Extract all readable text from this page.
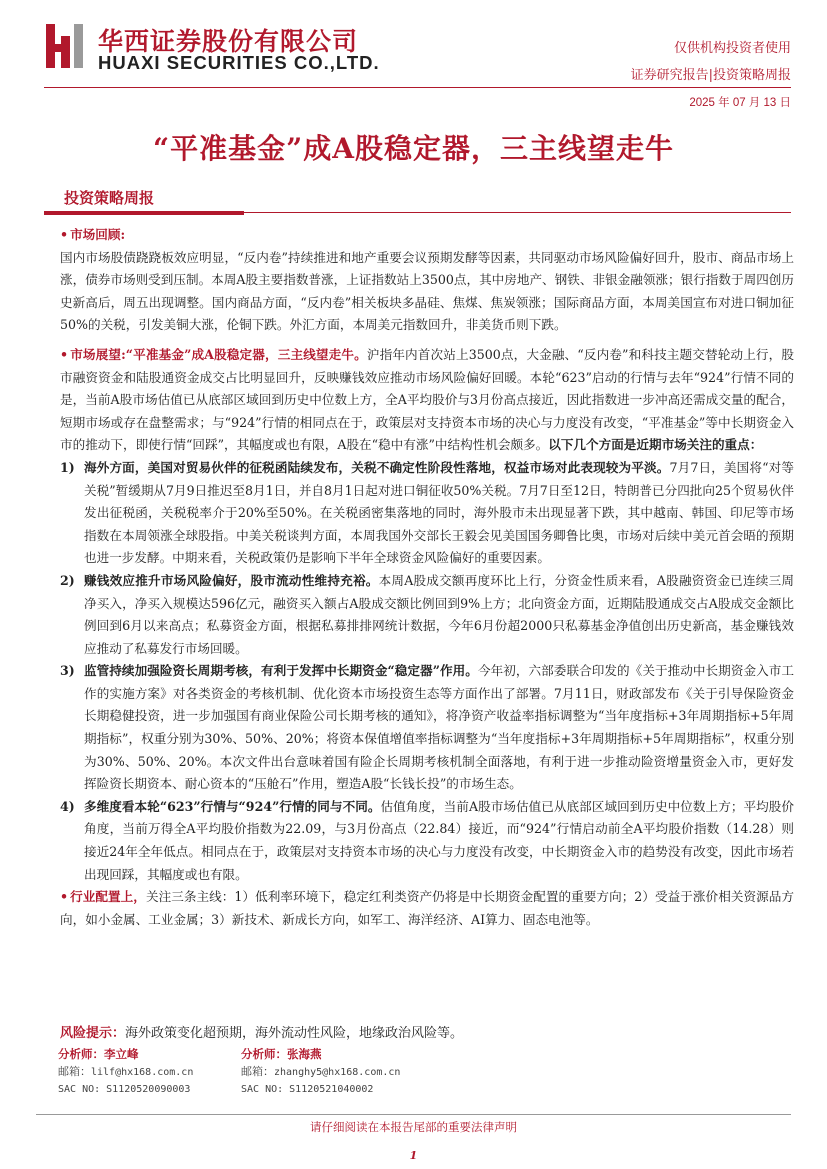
华西证券股份有限公司
HUAXI SECURITIES CO.,LTD.
仅供机构投资者使用
证券研究报告|投资策略周报
2025 年 07 月 13 日
“平准基金”成A股稳定器，三主线望走牛
投资策略周报

• 市场回顾:

国内市场股债跷跷板效应明显，“反内卷”持续推进和地产重要会议预期发酵等因素，共同驱动市场风险偏好回升，股市、商品市场上涨，债券市场则受到压制。本周A股主要指数普涨，上证指数站上3500点，其中房地产、钢铁、非银金融领涨；银行指数于周四创历史新高后，周五出现调整。国内商品方面，“反内卷”相关板块多晶硅、焦煤、焦炭领涨；国际商品方面，本周美国宣布对进口铜加征50%的关税，引发美铜大涨，伦铜下跌。外汇方面，本周美元指数回升，非美货币则下跌。

• 市场展望:“平准基金”成A股稳定器，三主线望走牛。沪指年内首次站上3500点，大金融、“反内卷”和科技主题交替轮动上行，股市融资资金和陆股通资金成交占比明显回升，反映赚钱效应推动市场风险偏好回暖。本轮“623”启动的行情与去年“924”行情不同的是，当前A股市场估值已从底部区域回到历史中位数上方，全A平均股价与3月份高点接近，因此指数进一步冲高还需成交量的配合，短期市场或存在盘整需求；与“924”行情的相同点在于，政策层对支持资本市场的决心与力度没有改变，“平准基金”等中长期资金入市的推动下，即使行情“回踩”，其幅度或也有限，A股在“稳中有涨”中结构性机会颇多。以下几个方面是近期市场关注的重点：

1) 海外方面，美国对贸易伙伴的征税函陆续发布，关税不确定性阶段性落地，权益市场对此表现较为平淡。7月7日，美国将“对等关税”暂缓期从7月9日推迟至8月1日，并自8月1日起对进口铜征收50%关税。7月7日至12日，特朗普已分四批向25个贸易伙伴发出征税函，关税税率介于20%至50%。在关税函密集落地的同时，海外股市未出现显著下跌，其中越南、韩国、印尼等市场指数在本周领涨全球股指。中美关税谈判方面，本周我国外交部长王毅会见美国国务卿鲁比奥，市场对后续中美元首会晤的预期也进一步发酵。中期来看，关税政策仍是影响下半年全球资金风险偏好的重要因素。
2) 赚钱效应推升市场风险偏好，股市流动性维持充裕。本周A股成交额再度环比上行，分资金性质来看，A股融资资金已连续三周净买入，净买入规模达596亿元，融资买入额占A股成交额比例回到9%上方；北向资金方面，近期陆股通成交占A股成交金额比例回到6月以来高点；私募资金方面，根据私募排排网统计数据，今年6月份超2000只私募基金净值创出历史新高，基金赚钱效应推动了私募发行市场回暖。
3) 监管持续加强险资长周期考核，有利于发挥中长期资金“稳定器”作用。今年初，六部委联合印发的《关于推动中长期资金入市工作的实施方案》对各类资金的考核机制、优化资本市场投资生态等方面作出了部署。7月11日，财政部发布《关于引导保险资金长期稳健投资，进一步加强国有商业保险公司长期考核的通知》，将净资产收益率指标调整为“当年度指标+3年周期指标+5年周期指标”，权重分别为30%、50%、20%；将资本保值增值率指标调整为“当年度指标+3年周期指标+5年周期指标”，权重分别为30%、50%、20%。本次文件出台意味着国有险企长周期考核机制全面落地，有利于进一步推动险资增量资金入市，更好发挥险资长期资本、耐心资本的“压舱石”作用，塑造A股“长钱长投”的市场生态。
4) 多维度看本轮“623”行情与“924”行情的同与不同。估值角度，当前A股市场估值已从底部区域回到历史中位数上方；平均股价角度，当前万得全A平均股价指数为22.09，与3月份高点（22.84）接近，而“924”行情启动前全A平均股价指数（14.28）则接近24年全年低点。相同点在于，政策层对支持资本市场的决心与力度没有改变，中长期资金入市的趋势没有改变，因此市场若出现回踩，其幅度或也有限。

• 行业配置上，关注三条主线：1）低利率环境下，稳定红利类资产仍将是中长期资金配置的重要方向；2）受益于涨价相关资源品方向，如小金属、工业金属；3）新技术、新成长方向，如军工、海洋经济、AI算力、固态电池等。

风险提示：海外政策变化超预期，海外流动性风险，地缘政治风险等。
分析师：李立峰
邮箱：lilf@hx168.com.cn
SAC NO: S1120520090003
分析师：张海燕
邮箱：zhanghy5@hx168.com.cn
SAC NO: S1120521040002
请仔细阅读在本报告尾部的重要法律声明
1
